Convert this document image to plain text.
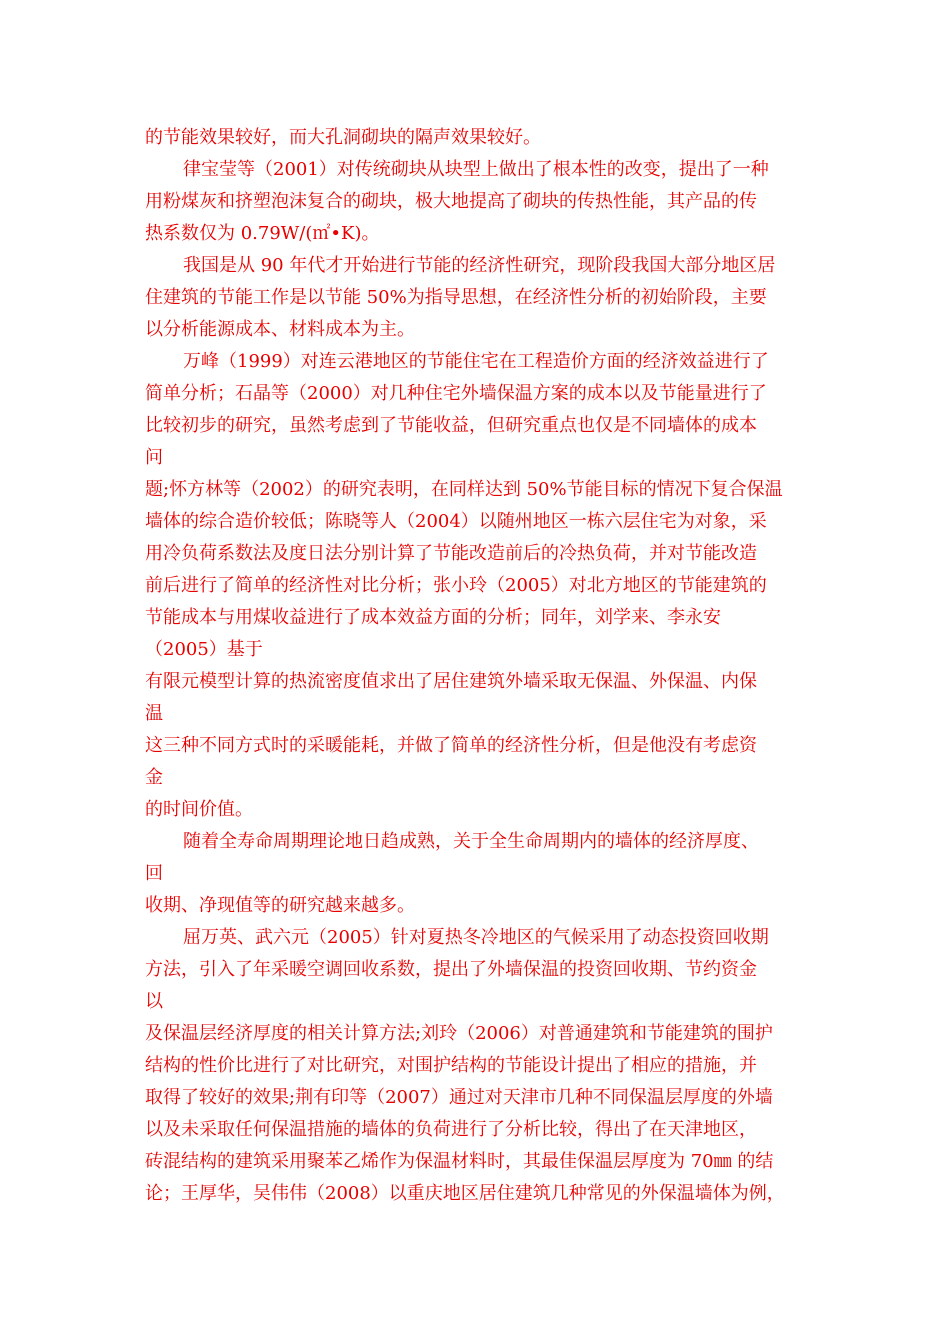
的节能效果较好，而大孔洞砌块的隔声效果较好。
律宝莹等（2001）对传统砌块从块型上做出了根本性的改变，提出了一种
用粉煤灰和挤塑泡沫复合的砌块，极大地提高了砌块的传热性能，其产品的传
热系数仅为 0.79W/(㎡•K)。
我国是从 90 年代才开始进行节能的经济性研究，现阶段我国大部分地区居
住建筑的节能工作是以节能 50%为指导思想，在经济性分析的初始阶段，主要
以分析能源成本、材料成本为主。
万峰（1999）对连云港地区的节能住宅在工程造价方面的经济效益进行了
简单分析；石晶等（2000）对几种住宅外墙保温方案的成本以及节能量进行了
比较初步的研究，虽然考虑到了节能收益，但研究重点也仅是不同墙体的成本
问
题;怀方林等（2002）的研究表明，在同样达到 50%节能目标的情况下复合保温
墙体的综合造价较低；陈晓等人（2004）以随州地区一栋六层住宅为对象，采
用冷负荷系数法及度日法分别计算了节能改造前后的冷热负荷，并对节能改造
前后进行了简单的经济性对比分析；张小玲（2005）对北方地区的节能建筑的
节能成本与用煤收益进行了成本效益方面的分析；同年，刘学来、李永安
（2005）基于
有限元模型计算的热流密度值求出了居住建筑外墙采取无保温、外保温、内保
温
这三种不同方式时的采暖能耗，并做了简单的经济性分析，但是他没有考虑资
金
的时间价值。
随着全寿命周期理论地日趋成熟，关于全生命周期内的墙体的经济厚度、
回
收期、净现值等的研究越来越多。
屈万英、武六元（2005）针对夏热冬冷地区的气候采用了动态投资回收期
方法，引入了年采暖空调回收系数，提出了外墙保温的投资回收期、节约资金
以
及保温层经济厚度的相关计算方法;刘玲（2006）对普通建筑和节能建筑的围护
结构的性价比进行了对比研究，对围护结构的节能设计提出了相应的措施，并
取得了较好的效果;荆有印等（2007）通过对天津市几种不同保温层厚度的外墙
以及未采取任何保温措施的墙体的负荷进行了分析比较，得出了在天津地区，
砖混结构的建筑采用聚苯乙烯作为保温材料时，其最佳保温层厚度为 70㎜ 的结
论；王厚华，吴伟伟（2008）以重庆地区居住建筑几种常见的外保温墙体为例，
